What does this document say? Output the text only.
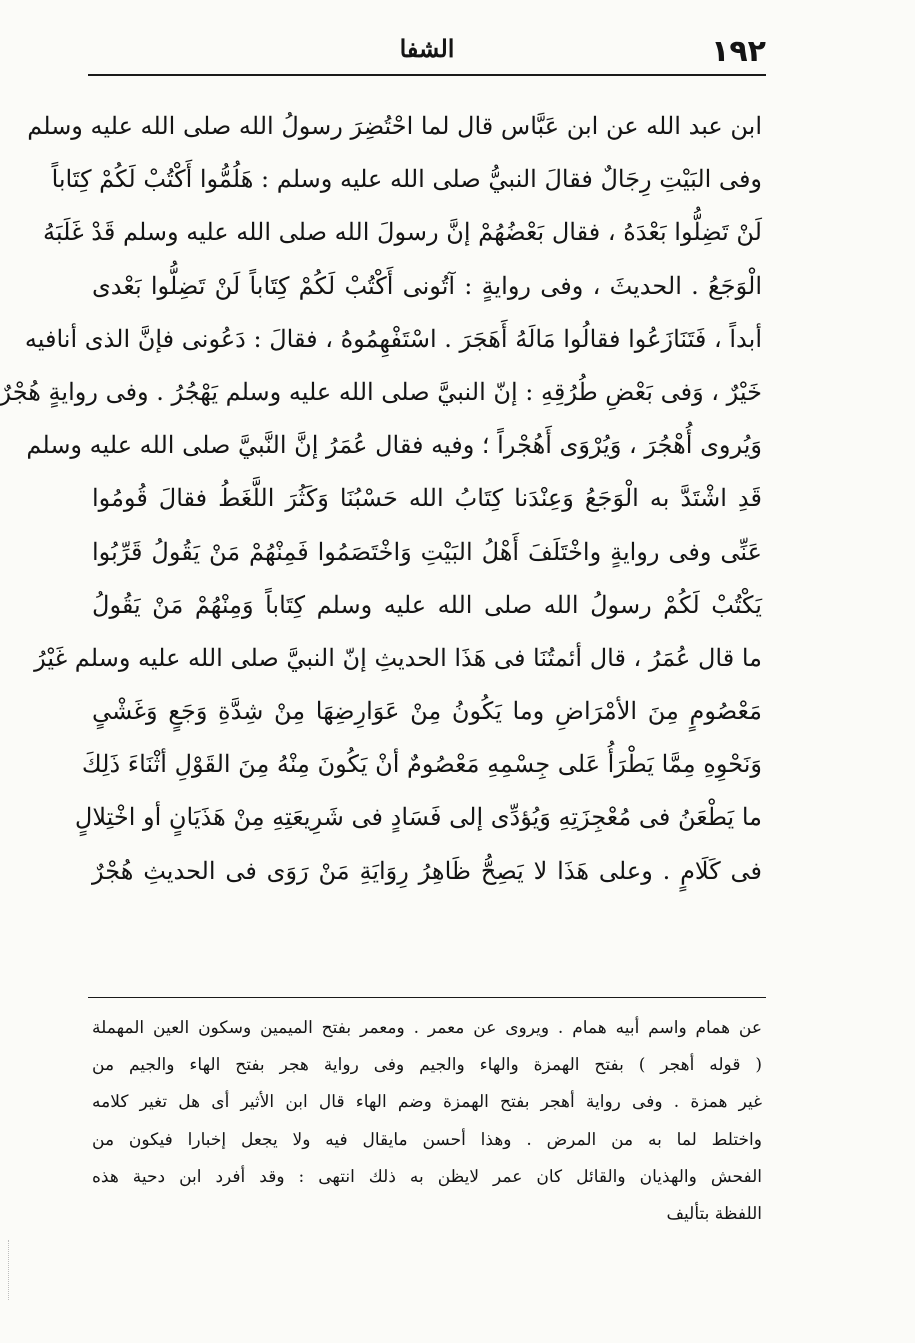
١٩٢
الشفا
ابن عبد الله عن ابن عَبَّاس قال لما احْتُضِرَ رسولُ الله صلى الله عليه وسلم
وفى البَيْتِ رِجَالٌ فقالَ النبيُّ صلى الله عليه وسلم : هَلُمُّوا أَكْتُبْ لَكُمْ كِتَاباً
لَنْ تَضِلُّوا بَعْدَهُ ، فقال بَعْضُهُمْ إنَّ رسولَ الله صلى الله عليه وسلم قَدْ غَلَبَهُ
الْوَجَعُ . الحديثَ ، وفى روايةٍ : آتُونى أَكْتُبْ لَكُمْ كِتَاباً لَنْ تَضِلُّوا بَعْدى
أبداً ، فَتَنَازَعُوا فقالُوا مَالَهُ أَهَجَرَ . اسْتَفْهِمُوهُ ، فقالَ : دَعُونى فإنَّ الذى أنافيه
خَيْرٌ ، وَفى بَعْضِ طُرُقِهِ : إنّ النبيَّ صلى الله عليه وسلم يَهْجُرُ . وفى روايةٍ هُجْرٌ
وَيُروى أُهْجُرَ ، وَيُرْوَى أَهُجْراً ؛ وفيه فقال عُمَرُ إنَّ النَّبيَّ صلى الله عليه وسلم
قَدِ اشْتَدَّ به الْوَجَعُ وَعِنْدَنا كِتَابُ الله حَسْبُنَا وَكَثُرَ اللَّغَطُ فقالَ قُومُوا
عَنِّى وفى روايةٍ واخْتَلَفَ أَهْلُ البَيْتِ وَاخْتَصَمُوا فَمِنْهُمْ مَنْ يَقُولُ قَرِّبُوا
يَكْتُبْ لَكُمْ رسولُ الله صلى الله عليه وسلم كِتَاباً وَمِنْهُمْ مَنْ يَقُولُ
ما قال عُمَرُ ، قال أئمتُنَا فى هَذَا الحديثِ إنّ النبيَّ صلى الله عليه وسلم غَيْرُ
مَعْصُومٍ مِنَ الأمْرَاضِ وما يَكُونُ مِنْ عَوَارِضِهَا مِنْ شِدَّةِ وَجَعٍ وَغَشْىٍ
وَنَحْوِهِ مِمَّا يَطْرَأُ عَلى جِسْمِهِ مَعْصُومٌ أنْ يَكُونَ مِنْهُ مِنَ القَوْلِ أثْنَاءَ ذَلِكَ
ما يَطْعَنُ فى مُعْجِزَتِهِ وَيُؤدِّى إلى فَسَادٍ فى شَرِيعَتِهِ مِنْ هَذَيَانٍ أو اخْتِلالٍ
فى كَلَامٍ . وعلى هَذَا لا يَصِحُّ ظَاهِرُ رِوَايَةِ مَنْ رَوَى فى الحديثِ هُجْرٌ
عن همام واسم أبيه همام . ويروى عن معمر . ومعمر بفتح الميمين وسكون العين المهملة
( قوله أهجر ) بفتح الهمزة والهاء والجيم وفى رواية هجر بفتح الهاء والجيم من
غير همزة . وفى رواية أهجر بفتح الهمزة وضم الهاء قال ابن الأثير أى هل تغير كلامه
واختلط لما به من المرض . وهذا أحسن مايقال فيه ولا يجعل إخبارا فيكون من
الفحش والهذيان والقائل كان عمر لايظن به ذلك انتهى : وقد أفرد ابن دحية هذه
اللفظة بتأليف
